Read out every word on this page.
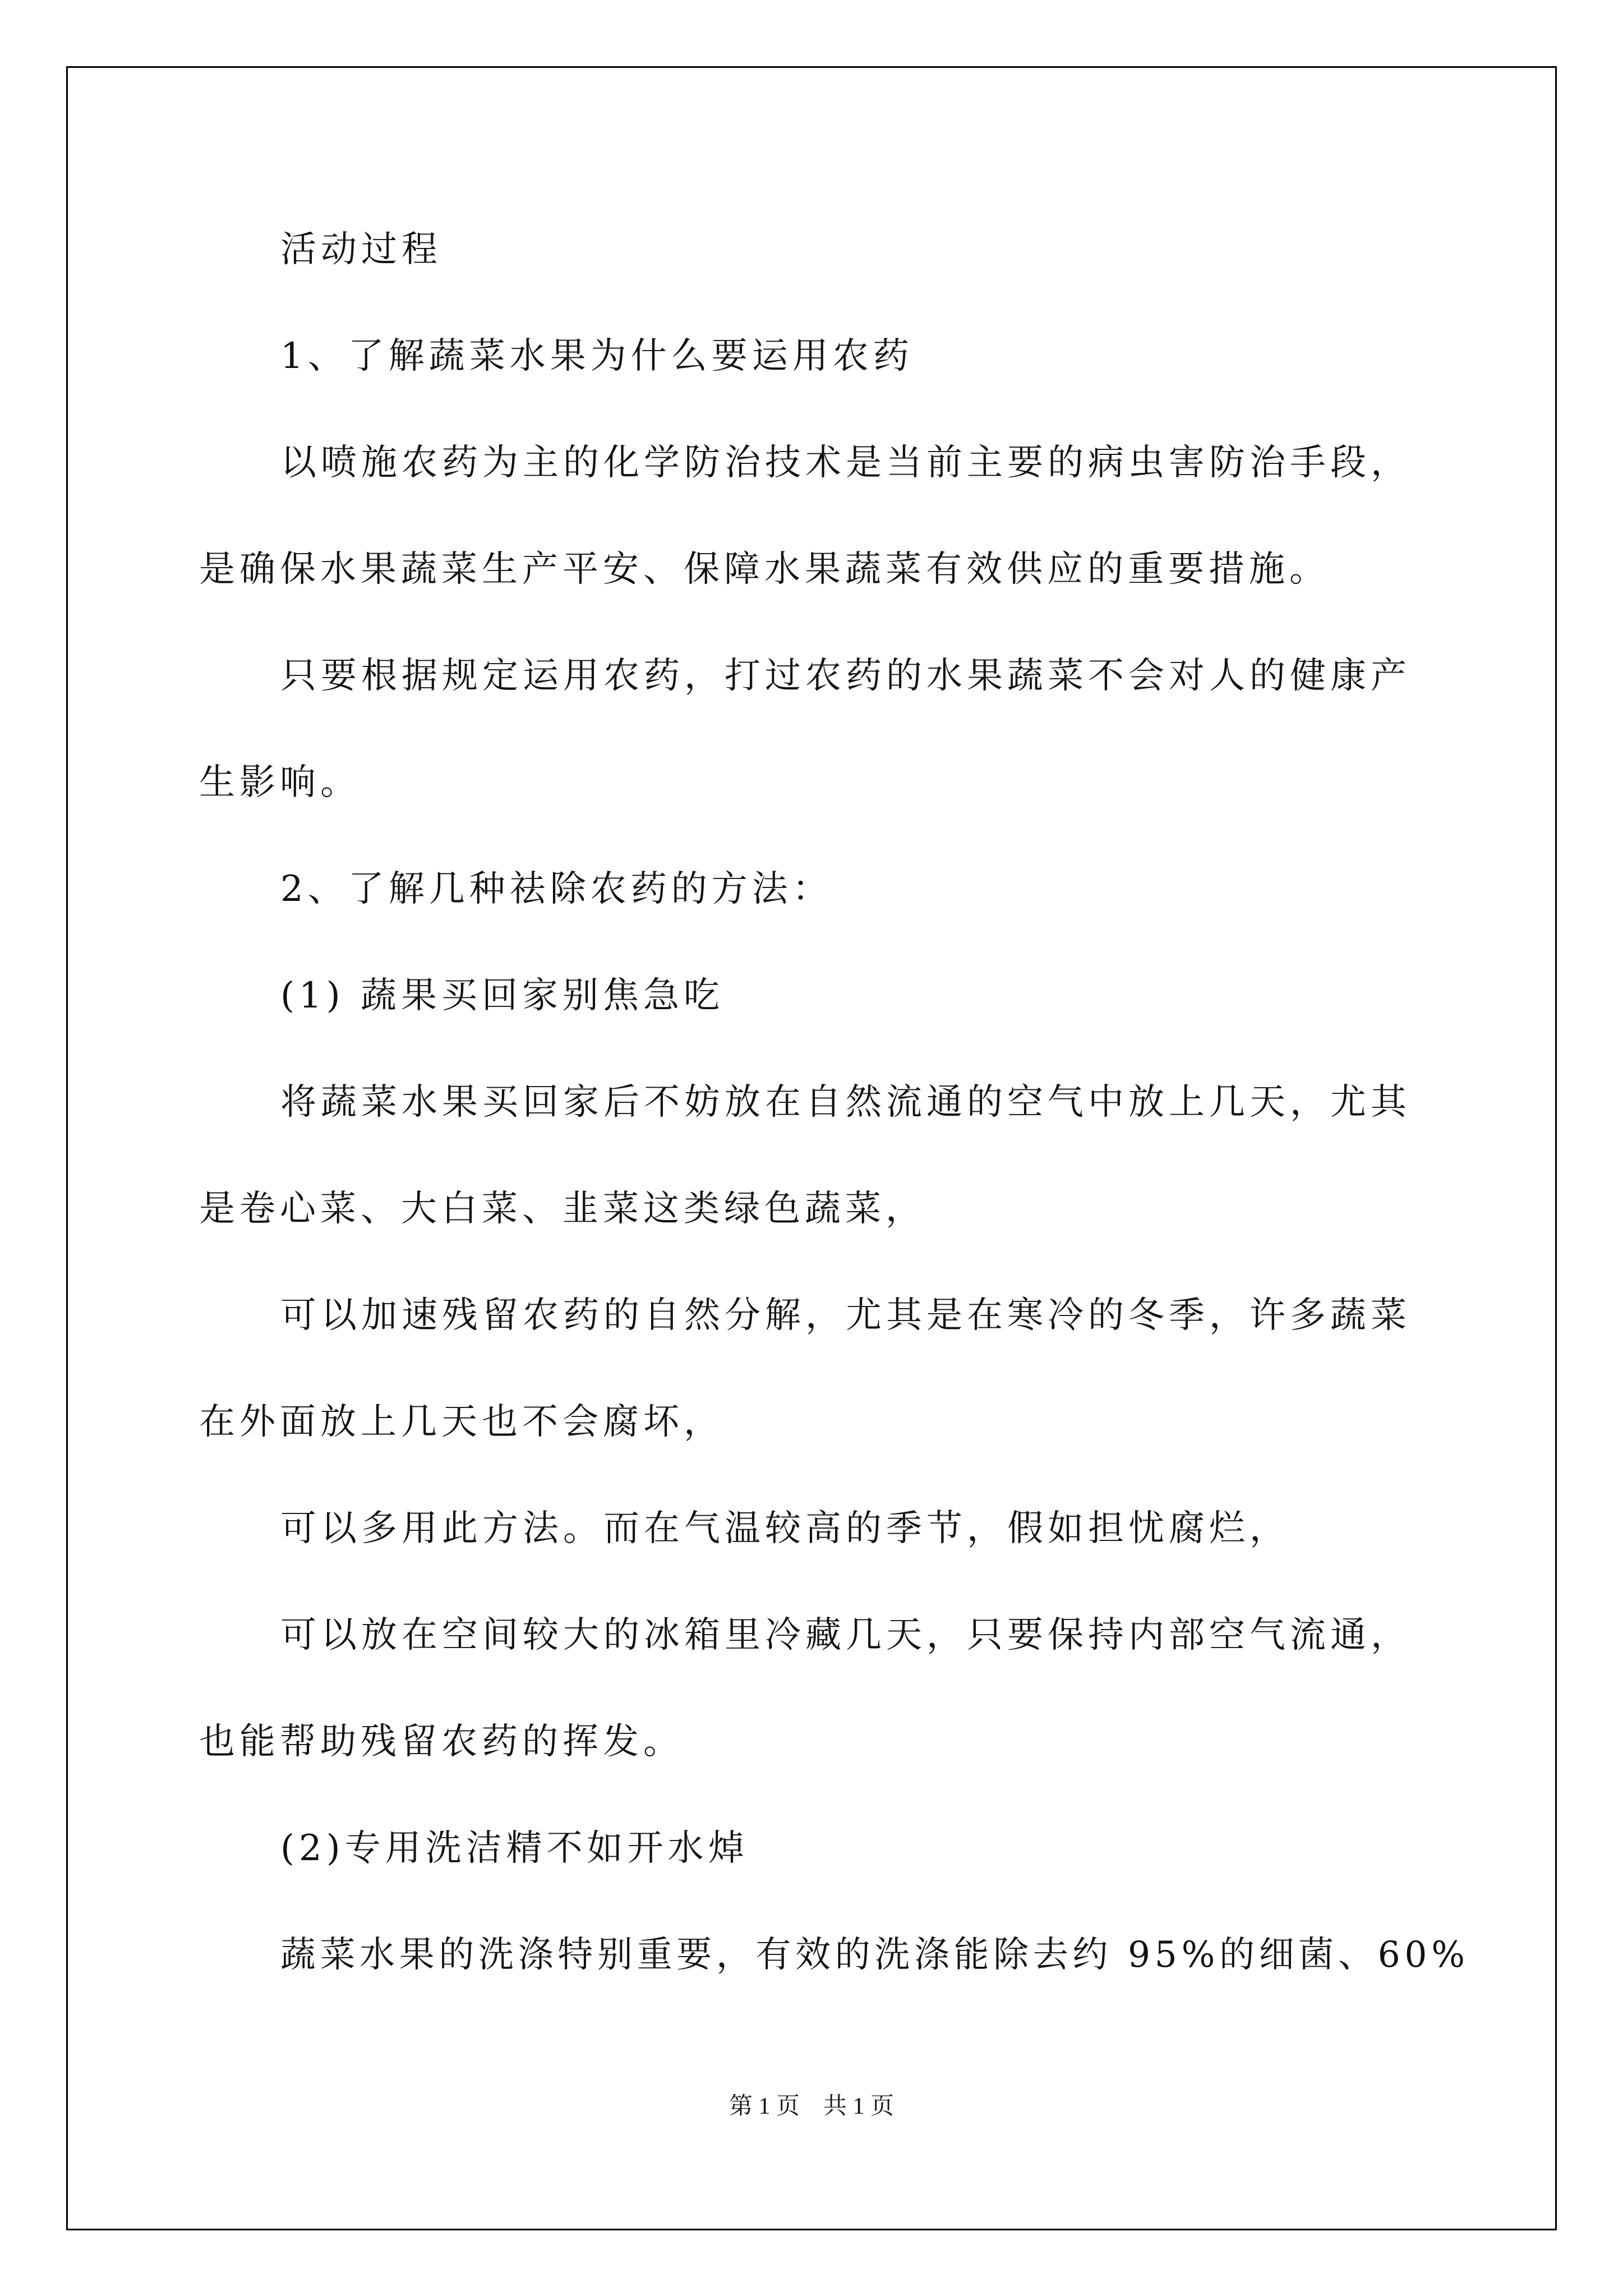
活动过程
1、了解蔬菜水果为什么要运用农药
以喷施农药为主的化学防治技术是当前主要的病虫害防治手段，
是确保水果蔬菜生产平安、保障水果蔬菜有效供应的重要措施。
只要根据规定运用农药，打过农药的水果蔬菜不会对人的健康产
生影响。
2、了解几种祛除农药的方法：
(1) 蔬果买回家别焦急吃
将蔬菜水果买回家后不妨放在自然流通的空气中放上几天，尤其
是卷心菜、大白菜、韭菜这类绿色蔬菜，
可以加速残留农药的自然分解，尤其是在寒冷的冬季，许多蔬菜
在外面放上几天也不会腐坏，
可以多用此方法。而在气温较高的季节，假如担忧腐烂，
可以放在空间较大的冰箱里冷藏几天，只要保持内部空气流通，
也能帮助残留农药的挥发。
(2)专用洗洁精不如开水焯
蔬菜水果的洗涤特别重要，有效的洗涤能除去约 95%的细菌、60%
第 1 页    共 1 页
